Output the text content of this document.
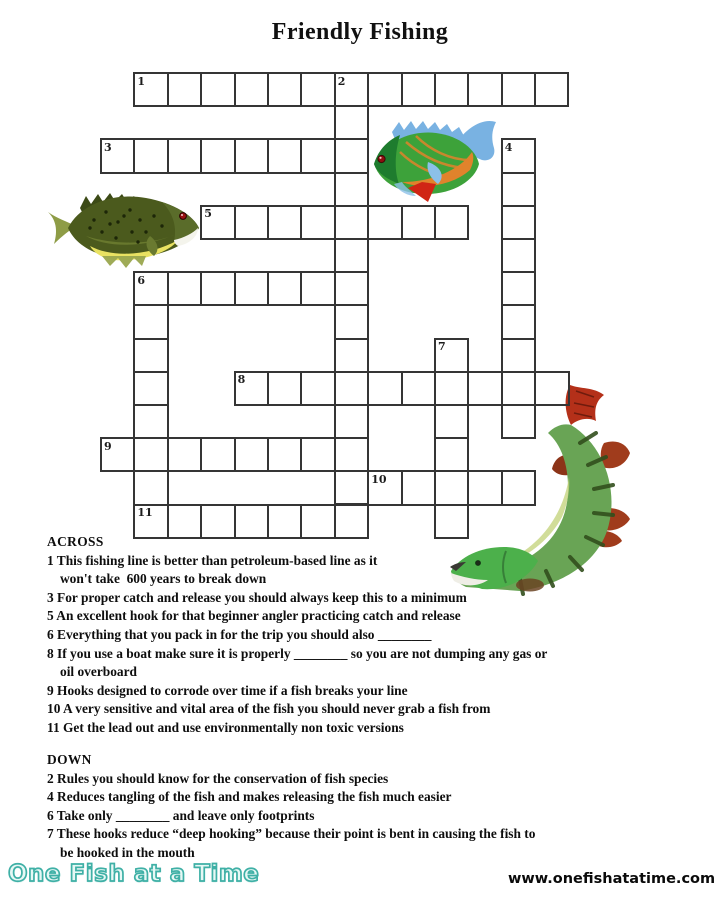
Friendly Fishing
1	2
3	4
5
6
7
8
9
10
11
ACROSS
1 This fishing line is better than petroleum-based line as it
won't take  600 years to break down
3 For proper catch and release you should always keep this to a minimum
5 An excellent hook for that beginner angler practicing catch and release
6 Everything that you pack in for the trip you should also ________
8 If you use a boat make sure it is properly ________ so you are not dumping any gas or
oil overboard
9 Hooks designed to corrode over time if a fish breaks your line
10 A very sensitive and vital area of the fish you should never grab a fish from
11 Get the lead out and use environmentally non toxic versions
DOWN
2 Rules you should know for the conservation of fish species
4 Reduces tangling of the fish and makes releasing the fish much easier
6 Take only ________ and leave only footprints
7 These hooks reduce “deep hooking” because their point is bent in causing the fish to
be hooked in the mouth
One Fish at a Time	www.onefishatatime.com
